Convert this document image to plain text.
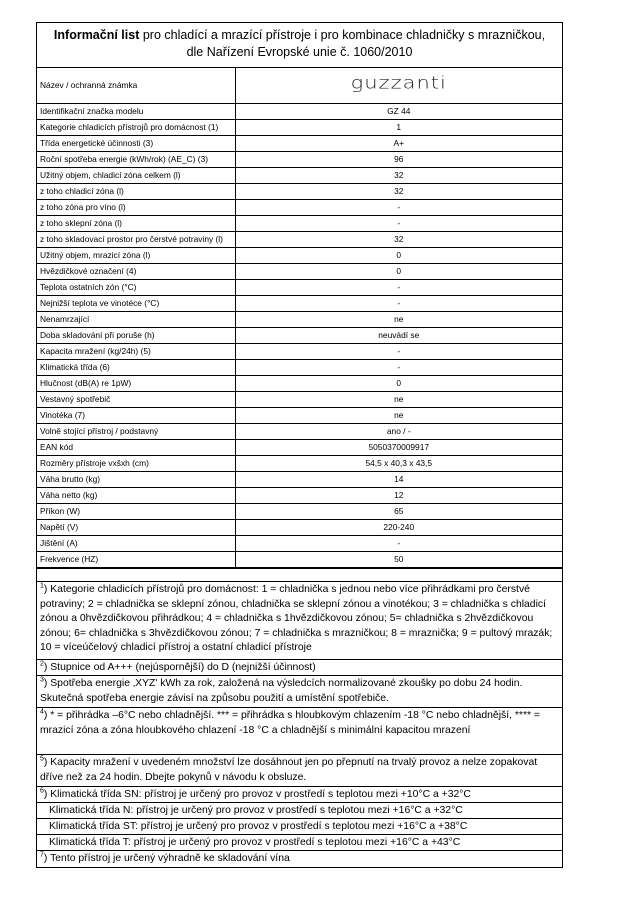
Informační list pro chladící a mrazící přístroje i pro kombinace chladničky s mrazničkou,
dle Nařízení Evropské unie č. 1060/2010
Název / ochranná známka	guzzanti
Identifikační značka modelu	GZ 44
Kategorie chladicích přístrojů pro domácnost (1)	1
Třída energetické účinnosti (3)	A+
Roční spotřeba energie (kWh/rok) (AE_C) (3)	96
Užitný objem, chladicí zóna celkem (l)	32
z toho chladicí zóna (l)	32
z toho zóna pro víno (l)	-
z toho sklepní zóna (l)	-
z toho skladovací prostor pro čerstvé potraviny (l)	32
Užitný objem, mrazicí zóna (l)	0
Hvězdičkové označení (4)	0
Teplota ostatních zón (°C)	-
Nejnižší teplota ve vinotéce (°C)	-
Nenamrzající	ne
Doba skladování při poruše (h)	neuvádí se
Kapacita mražení (kg/24h) (5)	-
Klimatická třída (6)	-
Hlučnost (dB(A) re 1pW)	0
Vestavný spotřebič	ne
Vinotéka (7)	ne
Volně stojící přístroj / podstavný	ano / -
EAN kód	5050370009917
Rozměry přístroje vxšxh (cm)	54,5 x 40,3 x 43,5
Váha brutto (kg)	14
Váha netto (kg)	12
Příkon (W)	65
Napětí (V)	220-240
Jištění (A)	-
Frekvence (HZ)	50
$^1$) Kategorie chladicích přístrojů pro domácnost: 1 = chladnička s jednou nebo více přihrádkami pro čerstvé potraviny; 2 = chladnička se sklepní zónou, chladnička se sklepní zónou a vinotékou; 3 = chladnička s chladicí zónou a 0hvězdičkovou přihrádkou; 4 = chladnička s 1hvězdičkovou zónou; 5= chladnička s 2hvězdičkovou zónou; 6= chladnička s 3hvězdičkovou zónou; 7 = chladnička s mrazničkou; 8 = mraznička; 9 = pultový mrazák; 10 = víceúčelový chladicí přístroj a ostatní chladicí přístroje
$^2$) Stupnice od A+++ (nejúspornější) do D (nejnižší účinnost)
$^3$) Spotřeba energie ‚XYZ' kWh za rok, založená na výsledcích normalizované zkoušky po dobu 24 hodin. Skutečná spotřeba energie závisí na způsobu použití a umístění spotřebiče.
$^4$) * = přihrádka –6°C nebo chladnější. *** = přihrádka s hloubkovým chlazením -18 °C nebo chladnější, **** = mrazicí zóna a zóna hloubkového chlazení -18 °C a chladnější s minimální kapacitou mrazení
$^5$) Kapacity mražení v uvedeném množství lze dosáhnout jen po přepnutí na trvalý provoz a nelze zopakovat dříve než za 24 hodin. Dbejte pokynů v návodu k obsluze.
$^6$) Klimatická třída SN: přístroj je určený pro provoz v prostředí s teplotou mezi +10°C a +32°C
Klimatická třída N: přístroj je určený pro provoz v prostředí s teplotou mezi +16°C a +32°C
Klimatická třída ST: přístroj je určený pro provoz v prostředí s teplotou mezi +16°C a +38°C
Klimatická třída T: přístroj je určený pro provoz v prostředí s teplotou mezi +16°C a +43°C
$^7$) Tento přístroj je určený výhradně ke skladování vína
